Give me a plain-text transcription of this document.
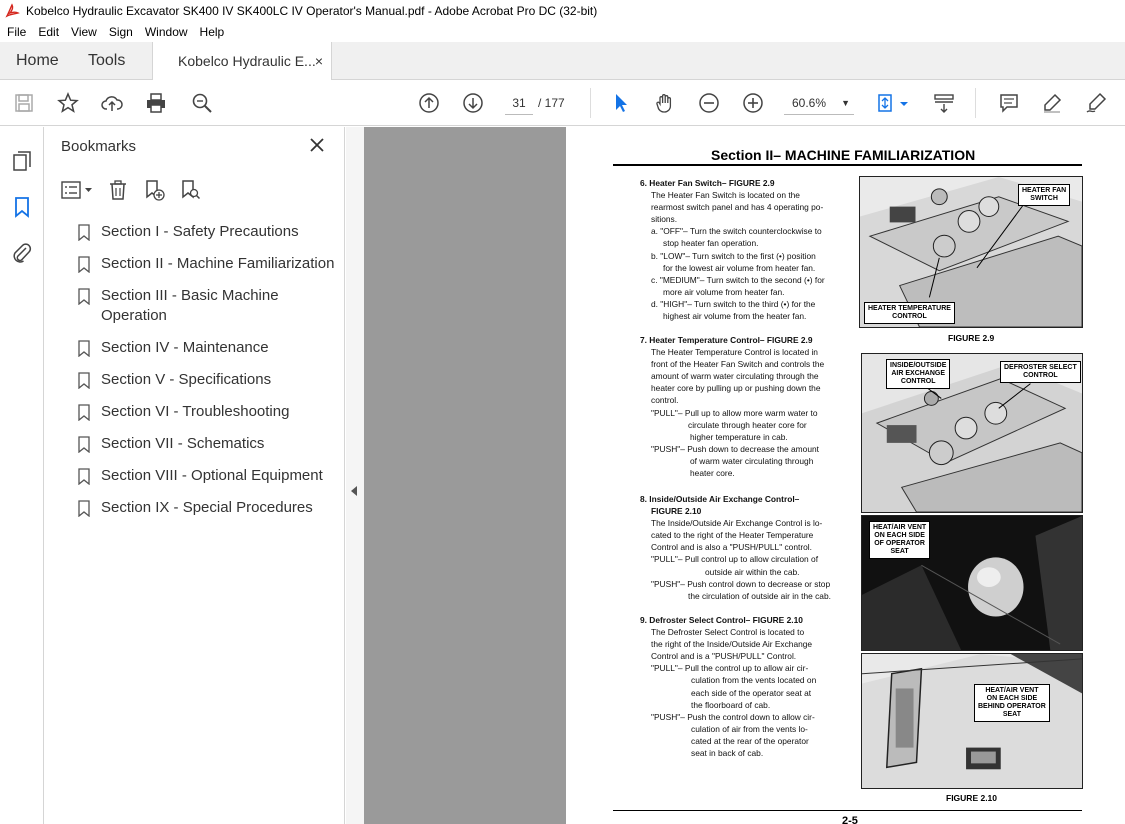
Kobelco Hydraulic Excavator SK400 IV SK400LC IV Operator's Manual.pdf - Adobe Acrobat Pro DC (32-bit)
File	Edit	View	Sign	Window	Help
Home Tools	Kobelco Hydraulic E... ×
31	/ 177	60.6% ▼
Bookmarks
Section I - Safety Precautions
Section II - Machine Familiarization
Section III - Basic Machine Operation
Section IV - Maintenance
Section V - Specifications
Section VI - Troubleshooting
Section VII - Schematics
Section VIII - Optional Equipment
Section IX - Special Procedures
Section II– MACHINE FAMILIARIZATION

6. Heater Fan Switch– FIGURE 2.9

The Heater Fan Switch is located on the

rearmost switch panel and has 4 operating po-

sitions.

a. "OFF"– Turn the switch counterclockwise to

stop heater fan operation.

b. "LOW"– Turn switch to the first (•) position

for the lowest air volume from heater fan.

c. "MEDIUM"– Turn switch to the second (•) for

more air volume from heater fan.

d. "HIGH"– Turn switch to the third (•) for the

highest air volume from the heater fan.

7. Heater Temperature Control– FIGURE 2.9

The Heater Temperature Control is located in

front of the Heater Fan Switch and controls the

amount of warm water circulating through the

heater core by pulling up or pushing down the

control.

"PULL"– Pull up to allow more warm water to

circulate through heater core for

higher temperature in cab.

"PUSH"– Push down to decrease the amount

of warm water circulating through

heater core.

8. Inside/Outside Air Exchange Control–

FIGURE 2.10

The Inside/Outside Air Exchange Control is lo-

cated to the right of the Heater Temperature

Control and is also a "PUSH/PULL" control.

"PULL"– Pull control up to allow circulation of

outside air within the cab.

"PUSH"– Push control down to decrease or stop

the circulation of outside air in the cab.

9. Defroster Select Control– FIGURE 2.10

The Defroster Select Control is located to

the right of the Inside/Outside Air Exchange

Control and is a "PUSH/PULL" Control.

"PULL"– Pull the control up to allow air cir-

culation from the vents located on

each side of the operator seat at

the floorboard of cab.

"PUSH"– Push the control down to allow cir-

culation of air from the vents lo-

cated at the rear of the operator

seat in back of cab.

HEATER FAN
SWITCH
HEATER TEMPERATURE
CONTROL
FIGURE 2.9
INSIDE/OUTSIDE
AIR EXCHANGE
CONTROL
DEFROSTER SELECT
CONTROL
HEAT/AIR VENT
ON EACH SIDE
OF OPERATOR
SEAT
HEAT/AIR VENT
ON EACH SIDE
BEHIND OPERATOR
SEAT
FIGURE 2.10
2-5
